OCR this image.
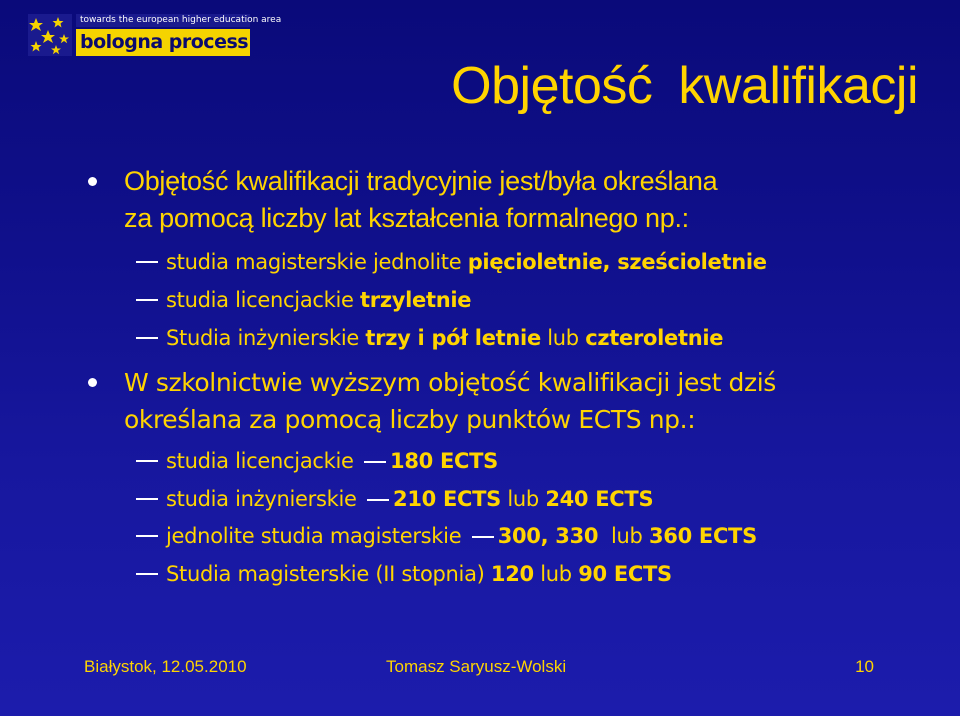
towards the european higher education area
bologna process
Objętość kwalifikacji
Objętość kwalifikacji tradycyjnie jest/była określana
za pomocą liczby lat kształcenia formalnego np.:
studia magisterskie jednolite pięcioletnie, sześcioletnie
studia licencjackie trzyletnie
Studia inżynierskie trzy i pół letnie lub czteroletnie
W szkolnictwie wyższym objętość kwalifikacji jest dziś
określana za pomocą liczby punktów ECTS np.:
studia licencjackie 180 ECTS
studia inżynierskie 210 ECTS lub 240 ECTS
jednolite studia magisterskie 300, 330  lub 360 ECTS
Studia magisterskie (II stopnia) 120 lub 90 ECTS
Białystok, 12.05.2010	Tomasz Saryusz-Wolski	10
